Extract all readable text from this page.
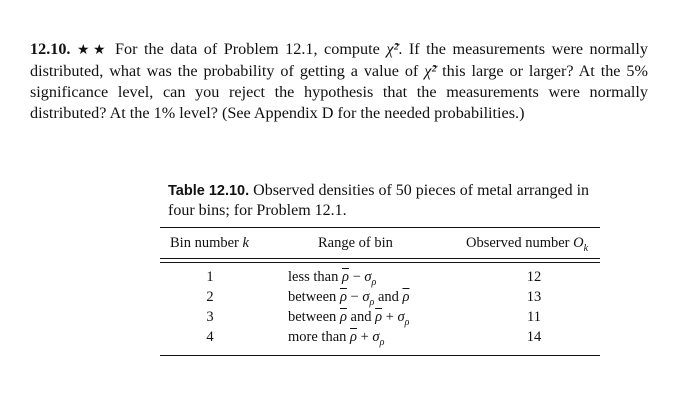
12.10. ★★ For the data of Problem 12.1, compute χ̃². If the measurements were normally distributed, what was the probability of getting a value of χ̃² this large or larger? At the 5% significance level, can you reject the hypothesis that the measurements were normally distributed? At the 1% level? (See Appendix D for the needed probabilities.)
Table 12.10. Observed densities of 50 pieces of metal arranged in four bins; for Problem 12.1.
Bin number k	Range of bin	Observed number $O_k$
1	less than $\overline{\rho} - \sigma_\rho$	12
2	between $\overline{\rho} - \sigma_\rho$ and $\overline{\rho}$	13
3	between $\overline{\rho}$ and $\overline{\rho} + \sigma_\rho$	11
4	more than $\overline{\rho} + \sigma_\rho$	14
